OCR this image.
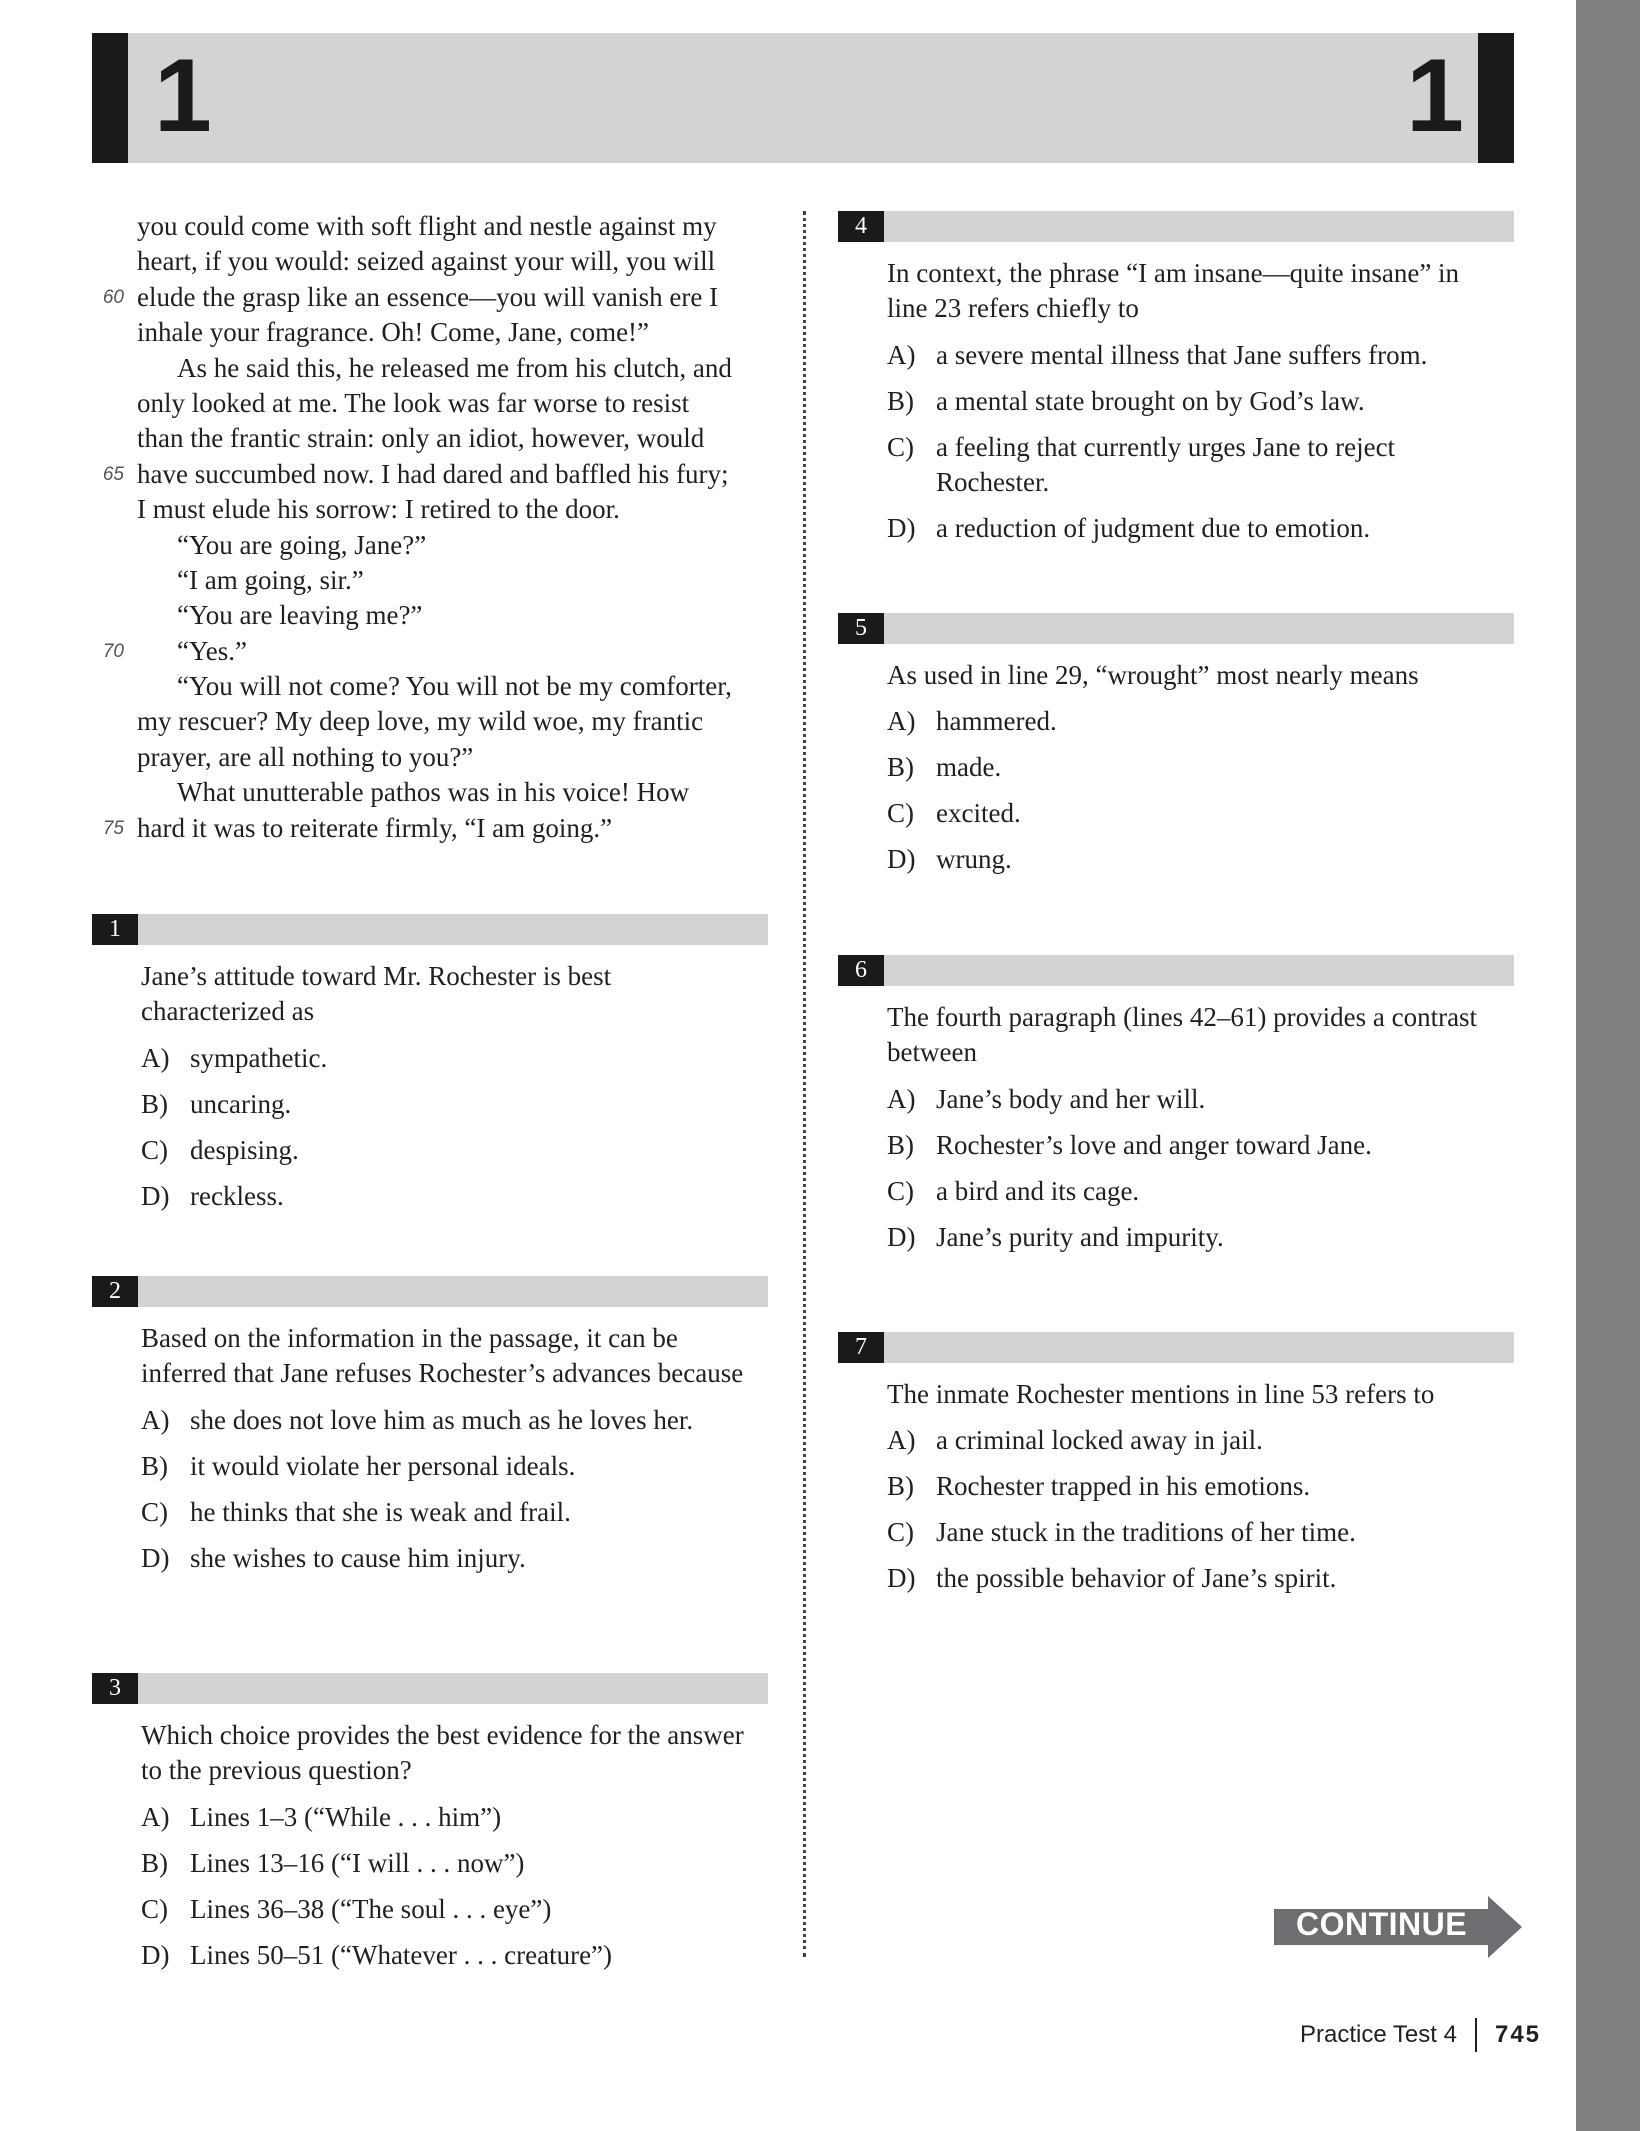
1	1
you could come with soft flight and nestle against my
heart, if you would: seized against your will, you will
60 elude the grasp like an essence—you will vanish ere I
inhale your fragrance. Oh! Come, Jane, come!”
As he said this, he released me from his clutch, and
only looked at me. The look was far worse to resist
than the frantic strain: only an idiot, however, would
65 have succumbed now. I had dared and baffled his fury;
I must elude his sorrow: I retired to the door.
“You are going, Jane?”
“I am going, sir.”
“You are leaving me?”
70 “Yes.”
“You will not come? You will not be my comforter,
my rescuer? My deep love, my wild woe, my frantic
prayer, are all nothing to you?”
What unutterable pathos was in his voice! How
75 hard it was to reiterate firmly, “I am going.”
1
Jane’s attitude toward Mr. Rochester is best characterized as
A) sympathetic.
B) uncaring.
C) despising.
D) reckless.
2
Based on the information in the passage, it can be inferred that Jane refuses Rochester’s advances because
A) she does not love him as much as he loves her.
B) it would violate her personal ideals.
C) he thinks that she is weak and frail.
D) she wishes to cause him injury.
3
Which choice provides the best evidence for the answer to the previous question?
A) Lines 1–3 (“While . . . him”)
B) Lines 13–16 (“I will . . . now”)
C) Lines 36–38 (“The soul . . . eye”)
D) Lines 50–51 (“Whatever . . . creature”)
4
In context, the phrase “I am insane—quite insane” in line 23 refers chiefly to
A) a severe mental illness that Jane suffers from.
B) a mental state brought on by God’s law.
C) a feeling that currently urges Jane to reject Rochester.
D) a reduction of judgment due to emotion.
5
As used in line 29, “wrought” most nearly means
A) hammered.
B) made.
C) excited.
D) wrung.
6
The fourth paragraph (lines 42–61) provides a contrast between
A) Jane’s body and her will.
B) Rochester’s love and anger toward Jane.
C) a bird and its cage.
D) Jane’s purity and impurity.
7
The inmate Rochester mentions in line 53 refers to
A) a criminal locked away in jail.
B) Rochester trapped in his emotions.
C) Jane stuck in the traditions of her time.
D) the possible behavior of Jane’s spirit.
CONTINUE
Practice Test 4 745
